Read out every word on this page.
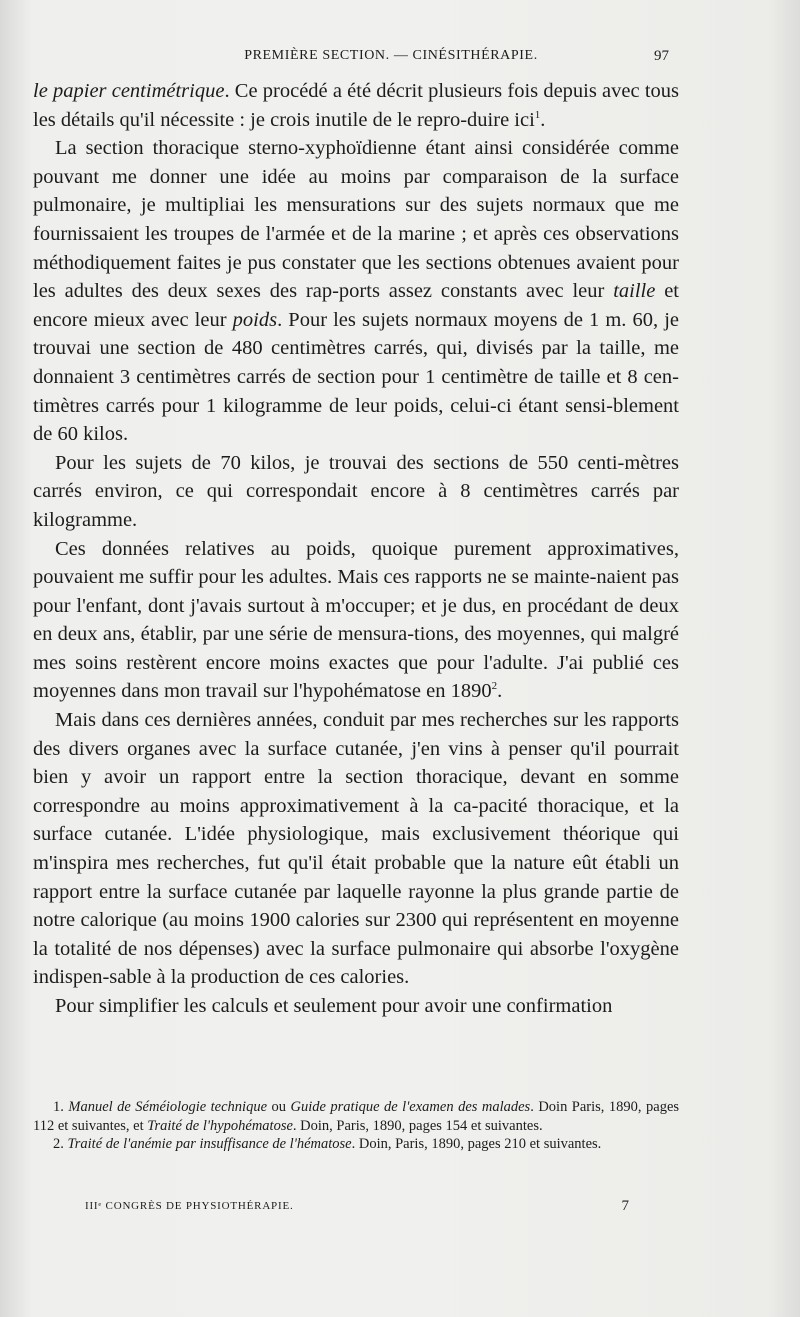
PREMIÈRE SECTION. — CINÉSITHÉRAPIE.	97

le papier centimétrique. Ce procédé a été décrit plusieurs fois depuis avec tous les détails qu'il nécessite : je crois inutile de le repro-duire ici$^1$.

La section thoracique sterno-xyphoïdienne étant ainsi considérée comme pouvant me donner une idée au moins par comparaison de la surface pulmonaire, je multipliai les mensurations sur des sujets normaux que me fournissaient les troupes de l'armée et de la marine ; et après ces observations méthodiquement faites je pus constater que les sections obtenues avaient pour les adultes des deux sexes des rap-ports assez constants avec leur taille et encore mieux avec leur poids. Pour les sujets normaux moyens de 1 m. 60, je trouvai une section de 480 centimètres carrés, qui, divisés par la taille, me donnaient 3 centimètres carrés de section pour 1 centimètre de taille et 8 cen-timètres carrés pour 1 kilogramme de leur poids, celui-ci étant sensi-blement de 60 kilos.

Pour les sujets de 70 kilos, je trouvai des sections de 550 centi-mètres carrés environ, ce qui correspondait encore à 8 centimètres carrés par kilogramme.

Ces données relatives au poids, quoique purement approximatives, pouvaient me suffir pour les adultes. Mais ces rapports ne se mainte-naient pas pour l'enfant, dont j'avais surtout à m'occuper; et je dus, en procédant de deux en deux ans, établir, par une série de mensura-tions, des moyennes, qui malgré mes soins restèrent encore moins exactes que pour l'adulte. J'ai publié ces moyennes dans mon travail sur l'hypohématose en 1890$^2$.

Mais dans ces dernières années, conduit par mes recherches sur les rapports des divers organes avec la surface cutanée, j'en vins à penser qu'il pourrait bien y avoir un rapport entre la section thoracique, devant en somme correspondre au moins approximativement à la ca-pacité thoracique, et la surface cutanée. L'idée physiologique, mais exclusivement théorique qui m'inspira mes recherches, fut qu'il était probable que la nature eût établi un rapport entre la surface cutanée par laquelle rayonne la plus grande partie de notre calorique (au moins 1900 calories sur 2300 qui représentent en moyenne la totalité de nos dépenses) avec la surface pulmonaire qui absorbe l'oxygène indispen-sable à la production de ces calories.

Pour simplifier les calculs et seulement pour avoir une confirmation

1. Manuel de Séméiologie technique ou Guide pratique de l'examen des malades. Doin Paris, 1890, pages 112 et suivantes, et Traité de l'hypohématose. Doin, Paris, 1890, pages 154 et suivantes.

2. Traité de l'anémie par insuffisance de l'hématose. Doin, Paris, 1890, pages 210 et suivantes.

IIIᵉ CONGRÈS DE PHYSIOTHÉRAPIE.	7
